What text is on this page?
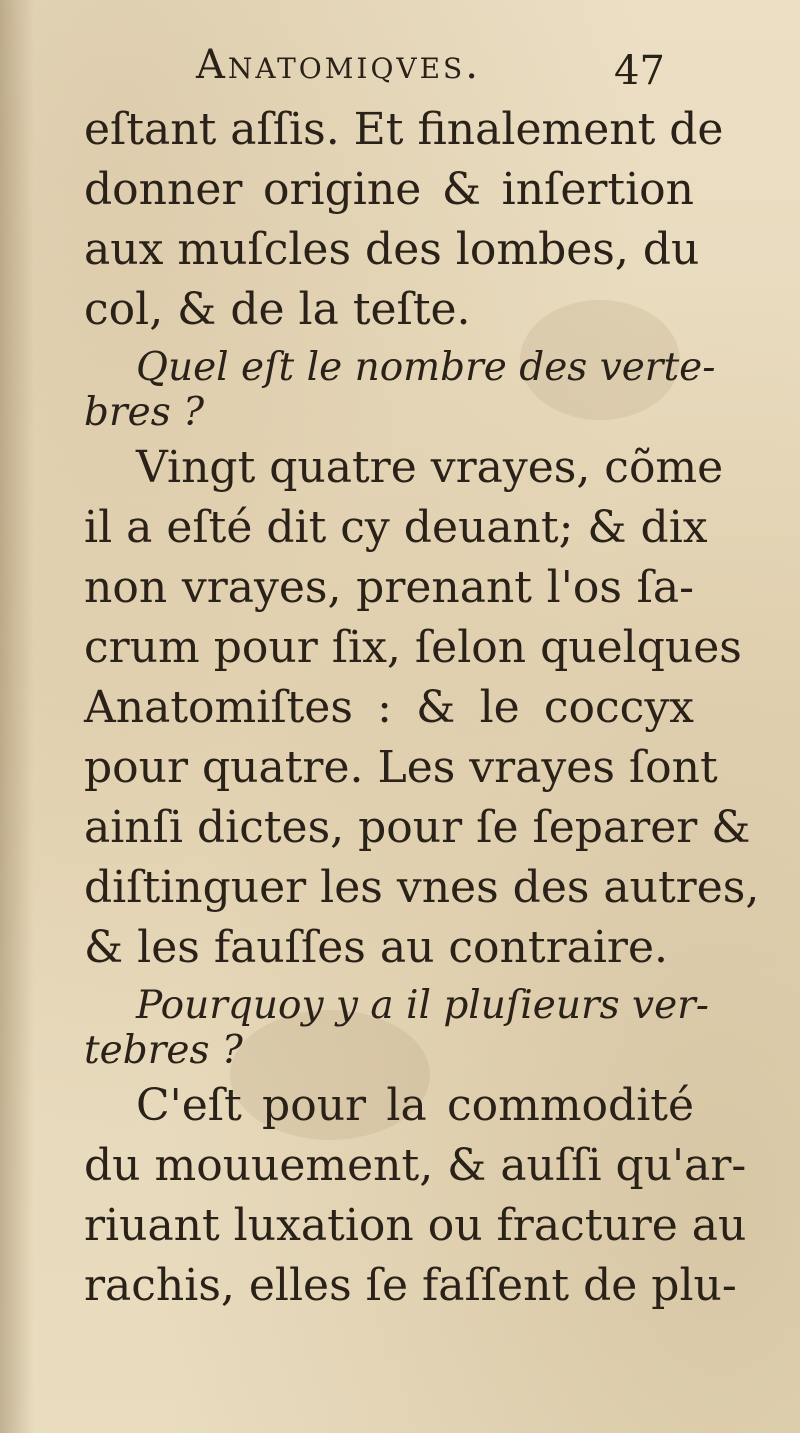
Anatomiqves.	47
eſtant aſſis. Et finalement de
donner origine & inſertion
aux muſcles des lombes, du
col, & de la teſte.
Quel eſt le nombre des verte-
bres ?
Vingt quatre vrayes, cõme
il a eſté dit cy deuant; & dix
non vrayes, prenant l'os ſa-
crum pour ſix, ſelon quelques
Anatomiſtes : & le coccyx
pour quatre. Les vrayes ſont
ainſi dictes, pour ſe ſeparer &
diſtinguer les vnes des autres,
& les fauſſes au contraire.
Pourquoy y a il pluſieurs ver-
tebres ?
C'eſt pour la commodité
du mouuement, & auſſi qu'ar-
riuant luxation ou fracture au
rachis, elles ſe faſſent de plu-
